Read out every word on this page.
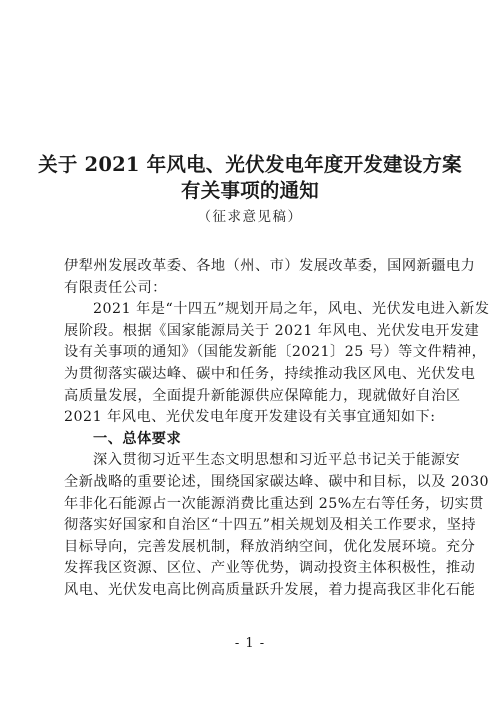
关于 2021 年风电、光伏发电年度开发建设方案
有关事项的通知
（征求意见稿）
伊犁州发展改革委、各地（州、市）发展改革委，国网新疆电力
有限责任公司：
2021 年是“十四五”规划开局之年，风电、光伏发电进入新发
展阶段。根据《国家能源局关于 2021 年风电、光伏发电开发建
设有关事项的通知》（国能发新能〔2021〕25 号）等文件精神，
为贯彻落实碳达峰、碳中和任务，持续推动我区风电、光伏发电
高质量发展，全面提升新能源供应保障能力，现就做好自治区
2021 年风电、光伏发电年度开发建设有关事宜通知如下:
一、总体要求
深入贯彻习近平生态文明思想和习近平总书记关于能源安
全新战略的重要论述，围绕国家碳达峰、碳中和目标，以及 2030
年非化石能源占一次能源消费比重达到 25%左右等任务，切实贯
彻落实好国家和自治区“十四五”相关规划及相关工作要求，坚持
目标导向，完善发展机制，释放消纳空间，优化发展环境。充分
发挥我区资源、区位、产业等优势，调动投资主体积极性，推动
风电、光伏发电高比例高质量跃升发展，着力提高我区非化石能
- 1 -
